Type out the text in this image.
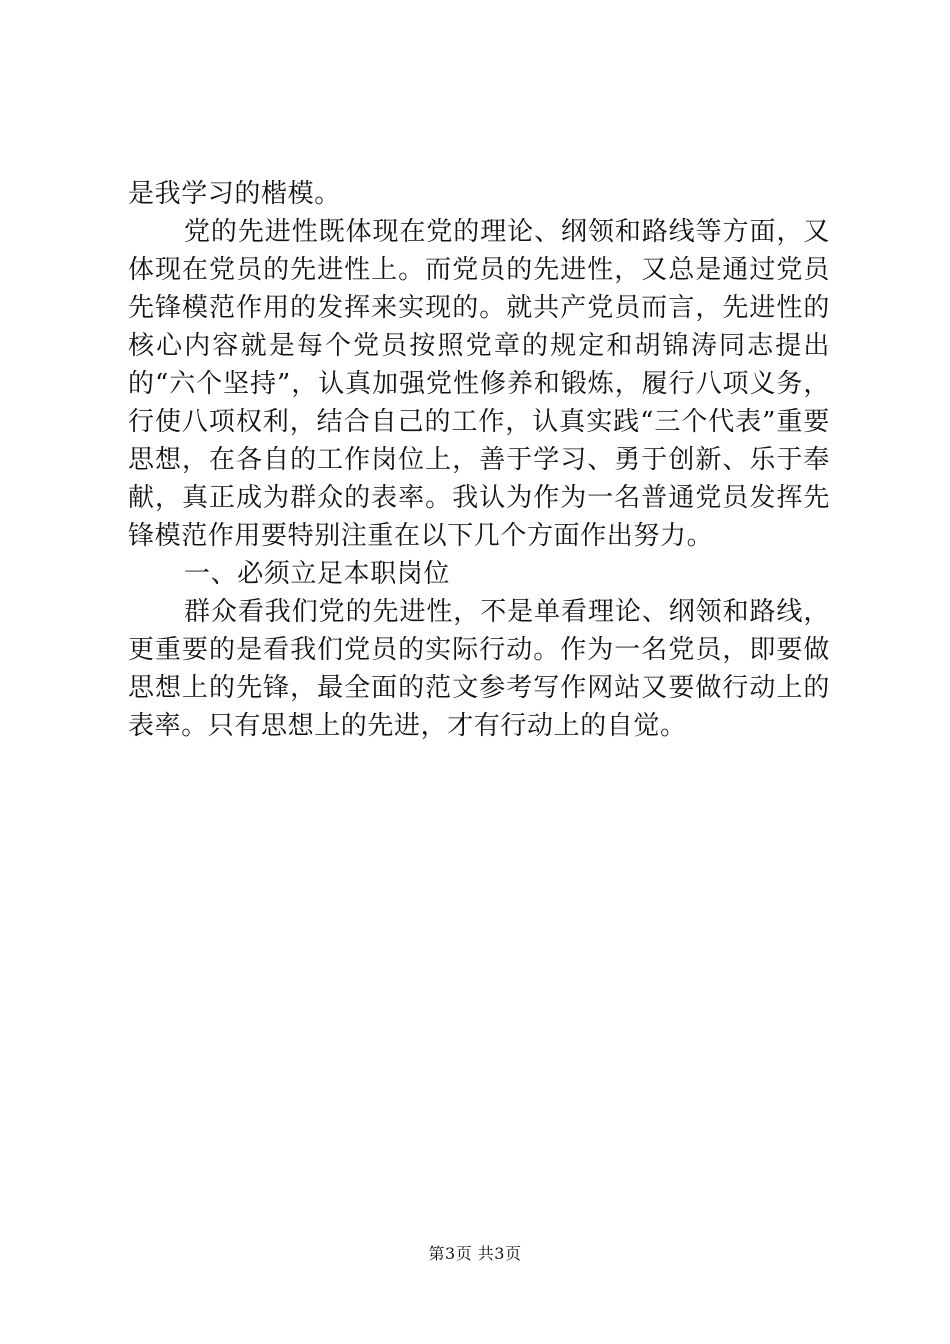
是我学习的楷模。

党的先进性既体现在党的理论、纲领和路线等方面，又体现在党员的先进性上。而党员的先进性，又总是通过党员先锋模范作用的发挥来实现的。就共产党员而言，先进性的核心内容就是每个党员按照党章的规定和胡锦涛同志提出的“六个坚持”，认真加强党性修养和锻炼，履行八项义务，行使八项权利，结合自己的工作，认真实践“三个代表”重要思想，在各自的工作岗位上，善于学习、勇于创新、乐于奉献，真正成为群众的表率。我认为作为一名普通党员发挥先锋模范作用要特别注重在以下几个方面作出努力。

一、必须立足本职岗位

群众看我们党的先进性，不是单看理论、纲领和路线，更重要的是看我们党员的实际行动。作为一名党员，即要做思想上的先锋，最全面的范文参考写作网站又要做行动上的表率。只有思想上的先进，才有行动上的自觉。

第3页 共3页
